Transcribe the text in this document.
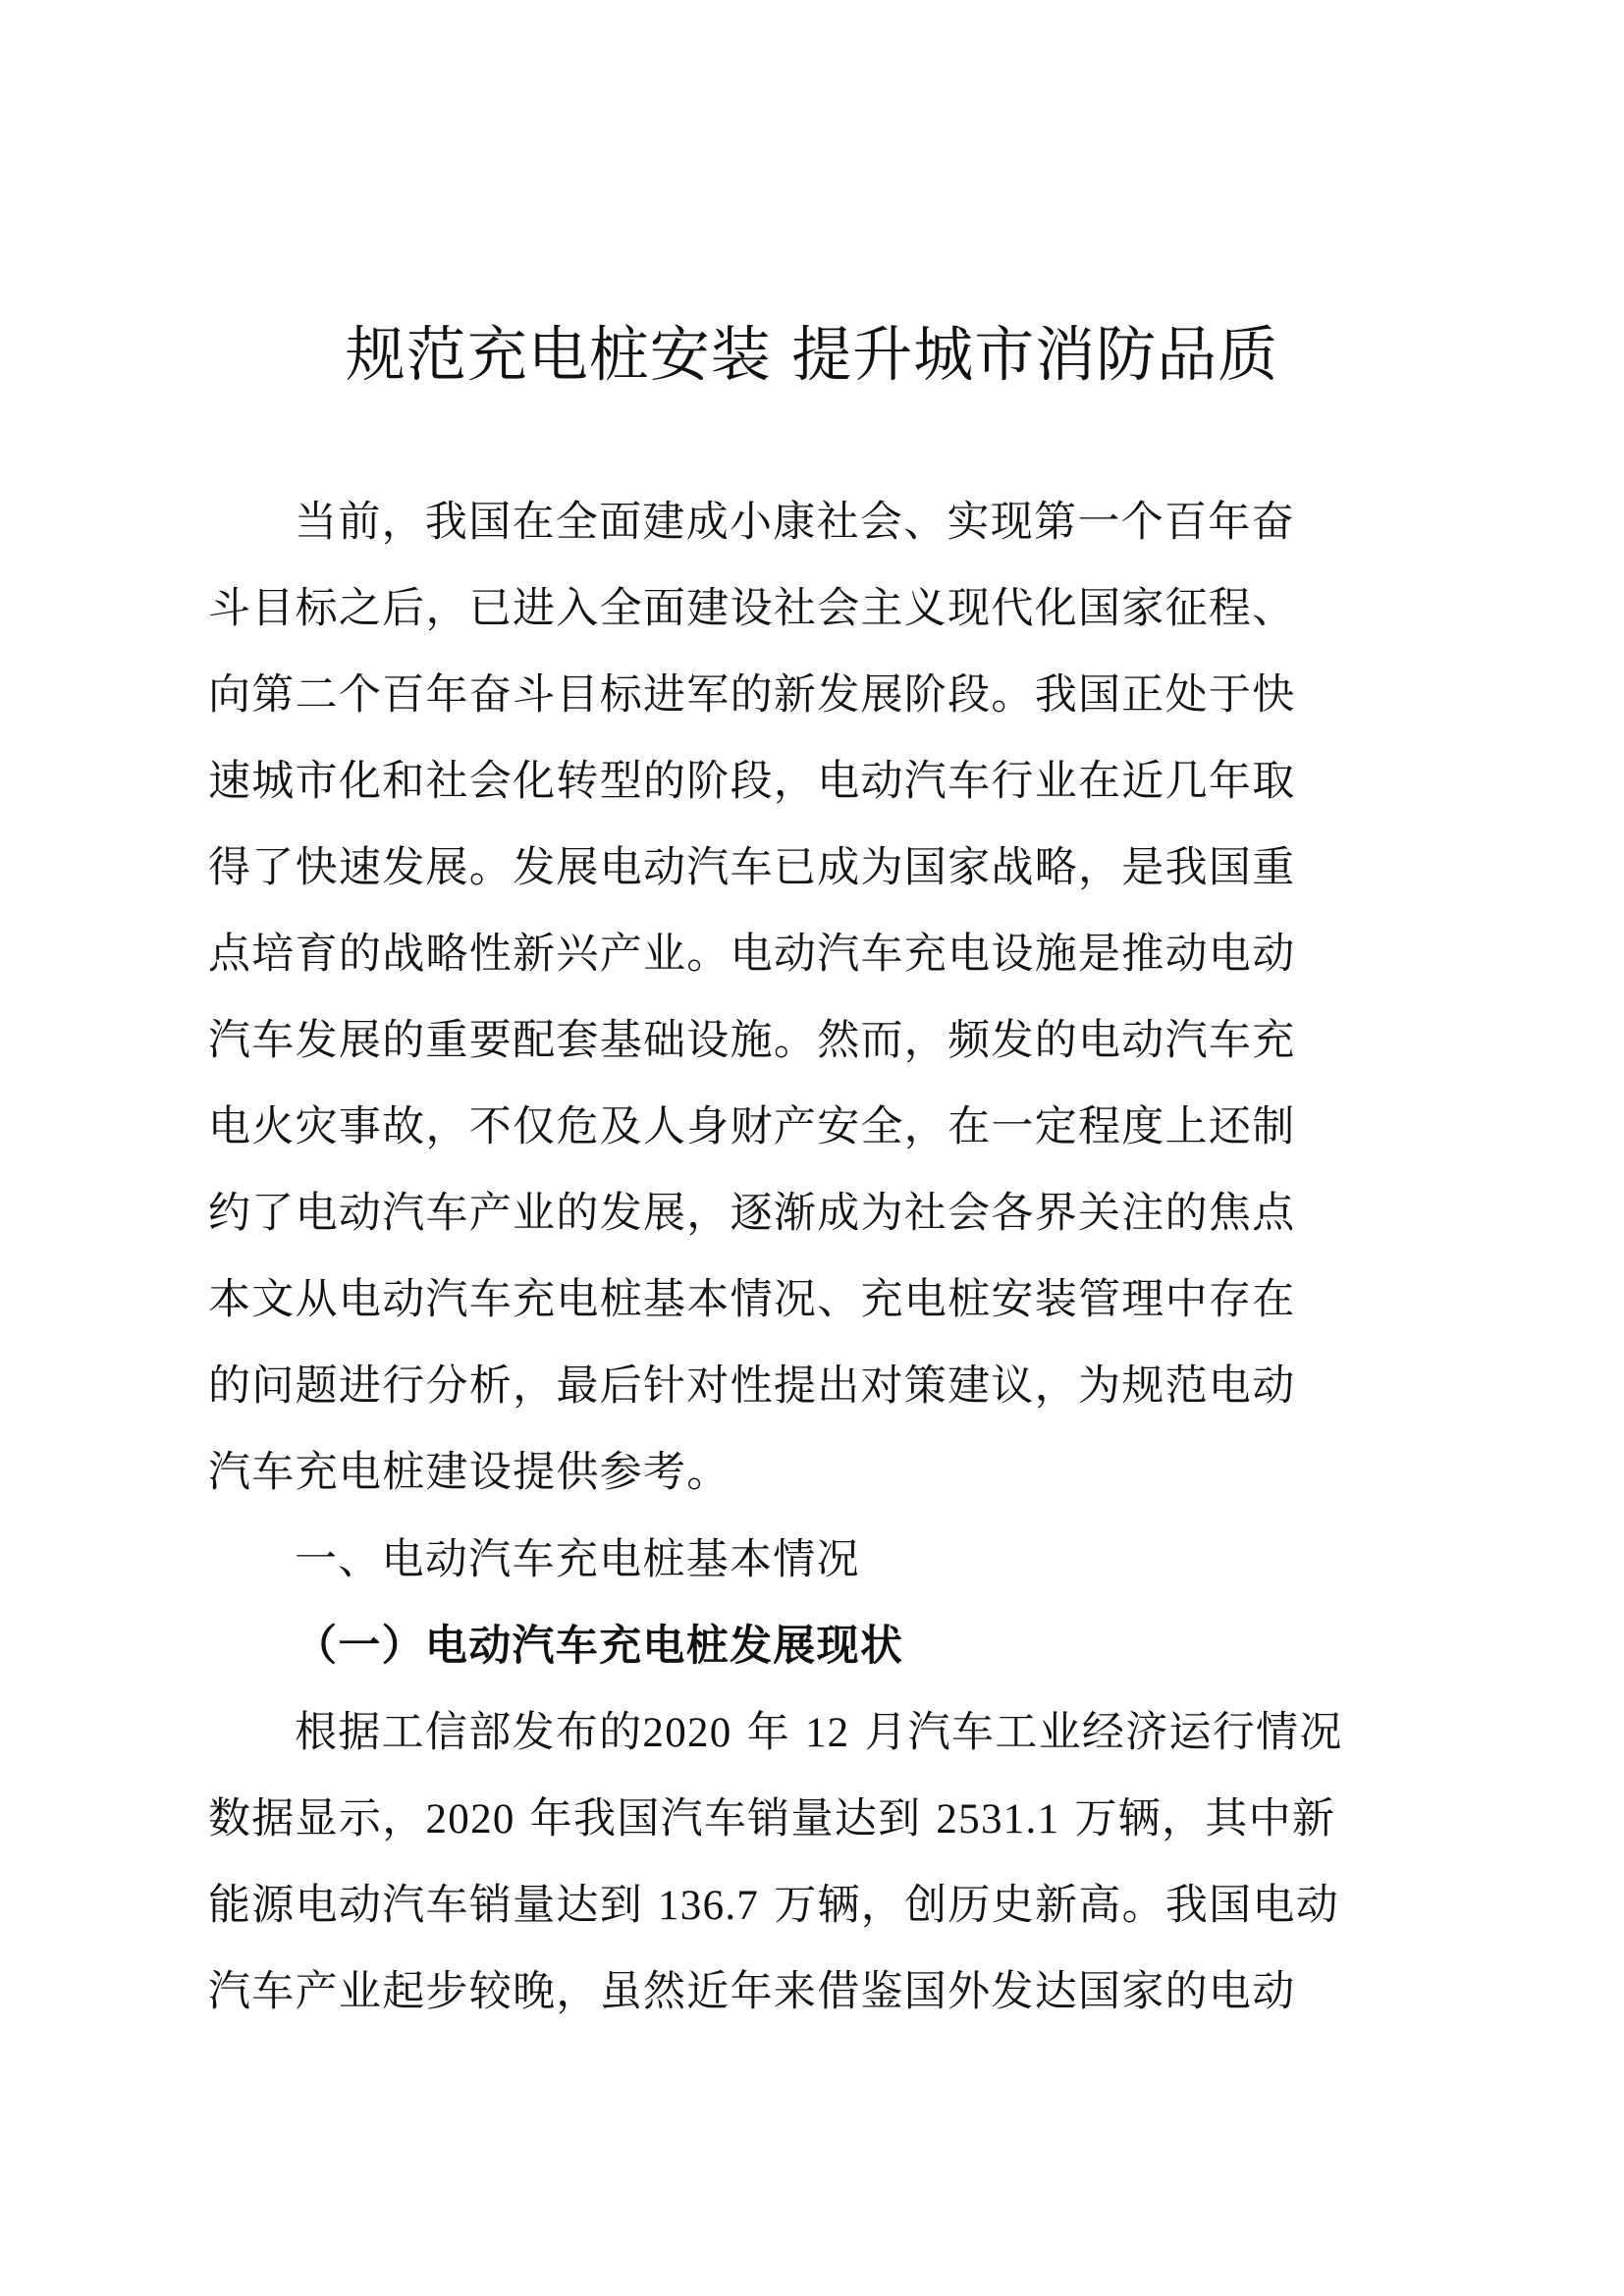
规范充电桩安装 提升城市消防品质
当前，我国在全面建成小康社会、实现第一个百年奋
斗目标之后，已进入全面建设社会主义现代化国家征程、
向第二个百年奋斗目标进军的新发展阶段。我国正处于快
速城市化和社会化转型的阶段，电动汽车行业在近几年取
得了快速发展。发展电动汽车已成为国家战略，是我国重
点培育的战略性新兴产业。电动汽车充电设施是推动电动
汽车发展的重要配套基础设施。然而，频发的电动汽车充
电火灾事故，不仅危及人身财产安全，在一定程度上还制
约了电动汽车产业的发展，逐渐成为社会各界关注的焦点
本文从电动汽车充电桩基本情况、充电桩安装管理中存在
的问题进行分析，最后针对性提出对策建议，为规范电动
汽车充电桩建设提供参考。
一、电动汽车充电桩基本情况
（一）电动汽车充电桩发展现状
根据工信部发布的2020 年 12 月汽车工业经济运行情况
数据显示，2020 年我国汽车销量达到 2531.1 万辆，其中新
能源电动汽车销量达到 136.7 万辆，创历史新高。我国电动
汽车产业起步较晚，虽然近年来借鉴国外发达国家的电动
